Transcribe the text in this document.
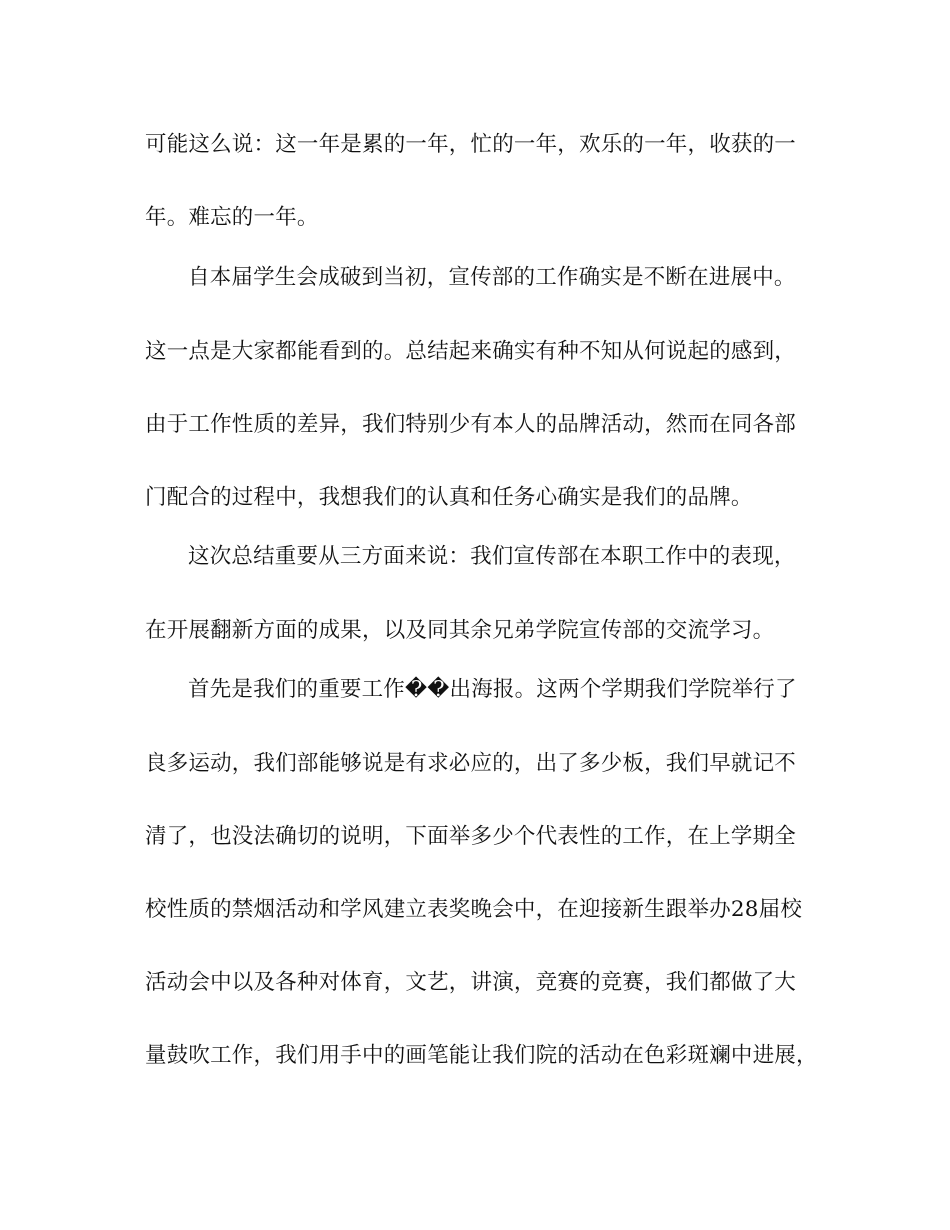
可能这么说：这一年是累的一年，忙的一年，欢乐的一年，收获的一
年。难忘的一年。
自本届学生会成破到当初，宣传部的工作确实是不断在进展中。
这一点是大家都能看到的。总结起来确实有种不知从何说起的感到，
由于工作性质的差异，我们特别少有本人的品牌活动，然而在同各部
门配合的过程中，我想我们的认真和任务心确实是我们的品牌。
这次总结重要从三方面来说：我们宣传部在本职工作中的表现，
在开展翻新方面的成果，以及同其余兄弟学院宣传部的交流学习。
首先是我们的重要工作��出海报。这两个学期我们学院举行了
良多运动，我们部能够说是有求必应的，出了多少板，我们早就记不
清了，也没法确切的说明，下面举多少个代表性的工作，在上学期全
校性质的禁烟活动和学风建立表奖晚会中，在迎接新生跟举办28届校
活动会中以及各种对体育，文艺，讲演，竞赛的竞赛，我们都做了大
量鼓吹工作，我们用手中的画笔能让我们院的活动在色彩斑斓中进展，
